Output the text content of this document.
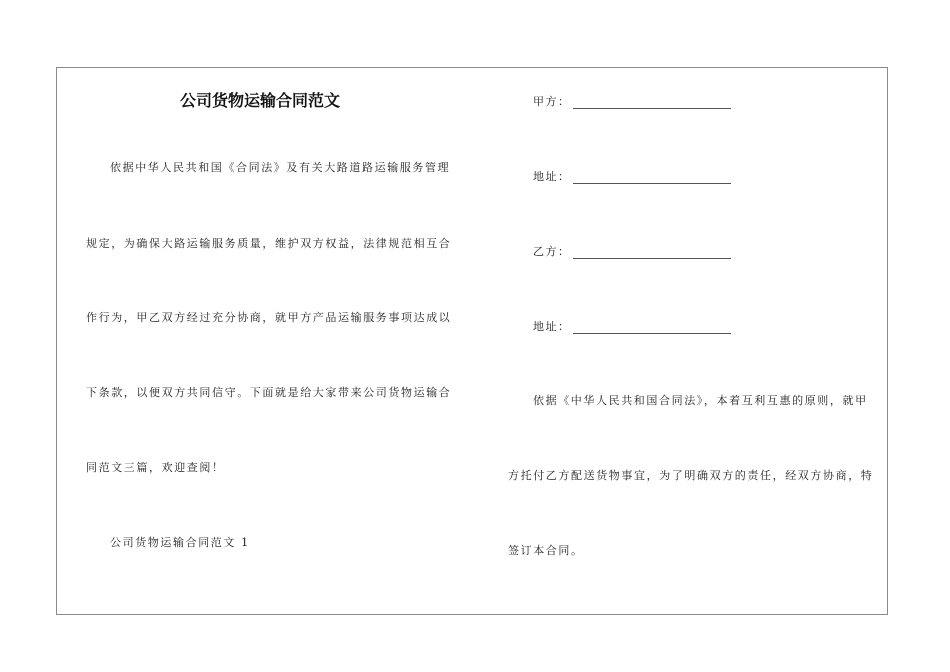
公司货物运输合同范文
依据中华人民共和国《合同法》及有关大路道路运输服务管理
规定，为确保大路运输服务质量，维护双方权益，法律规范相互合
作行为，甲乙双方经过充分协商，就甲方产品运输服务事项达成以
下条款，以便双方共同信守。下面就是给大家带来公司货物运输合
同范文三篇，欢迎查阅！
公司货物运输合同范文 1
甲方：
地址：
乙方：
地址：
依据《中华人民共和国合同法》，本着互利互惠的原则，就甲
方托付乙方配送货物事宜，为了明确双方的责任，经双方协商，特
签订本合同。
